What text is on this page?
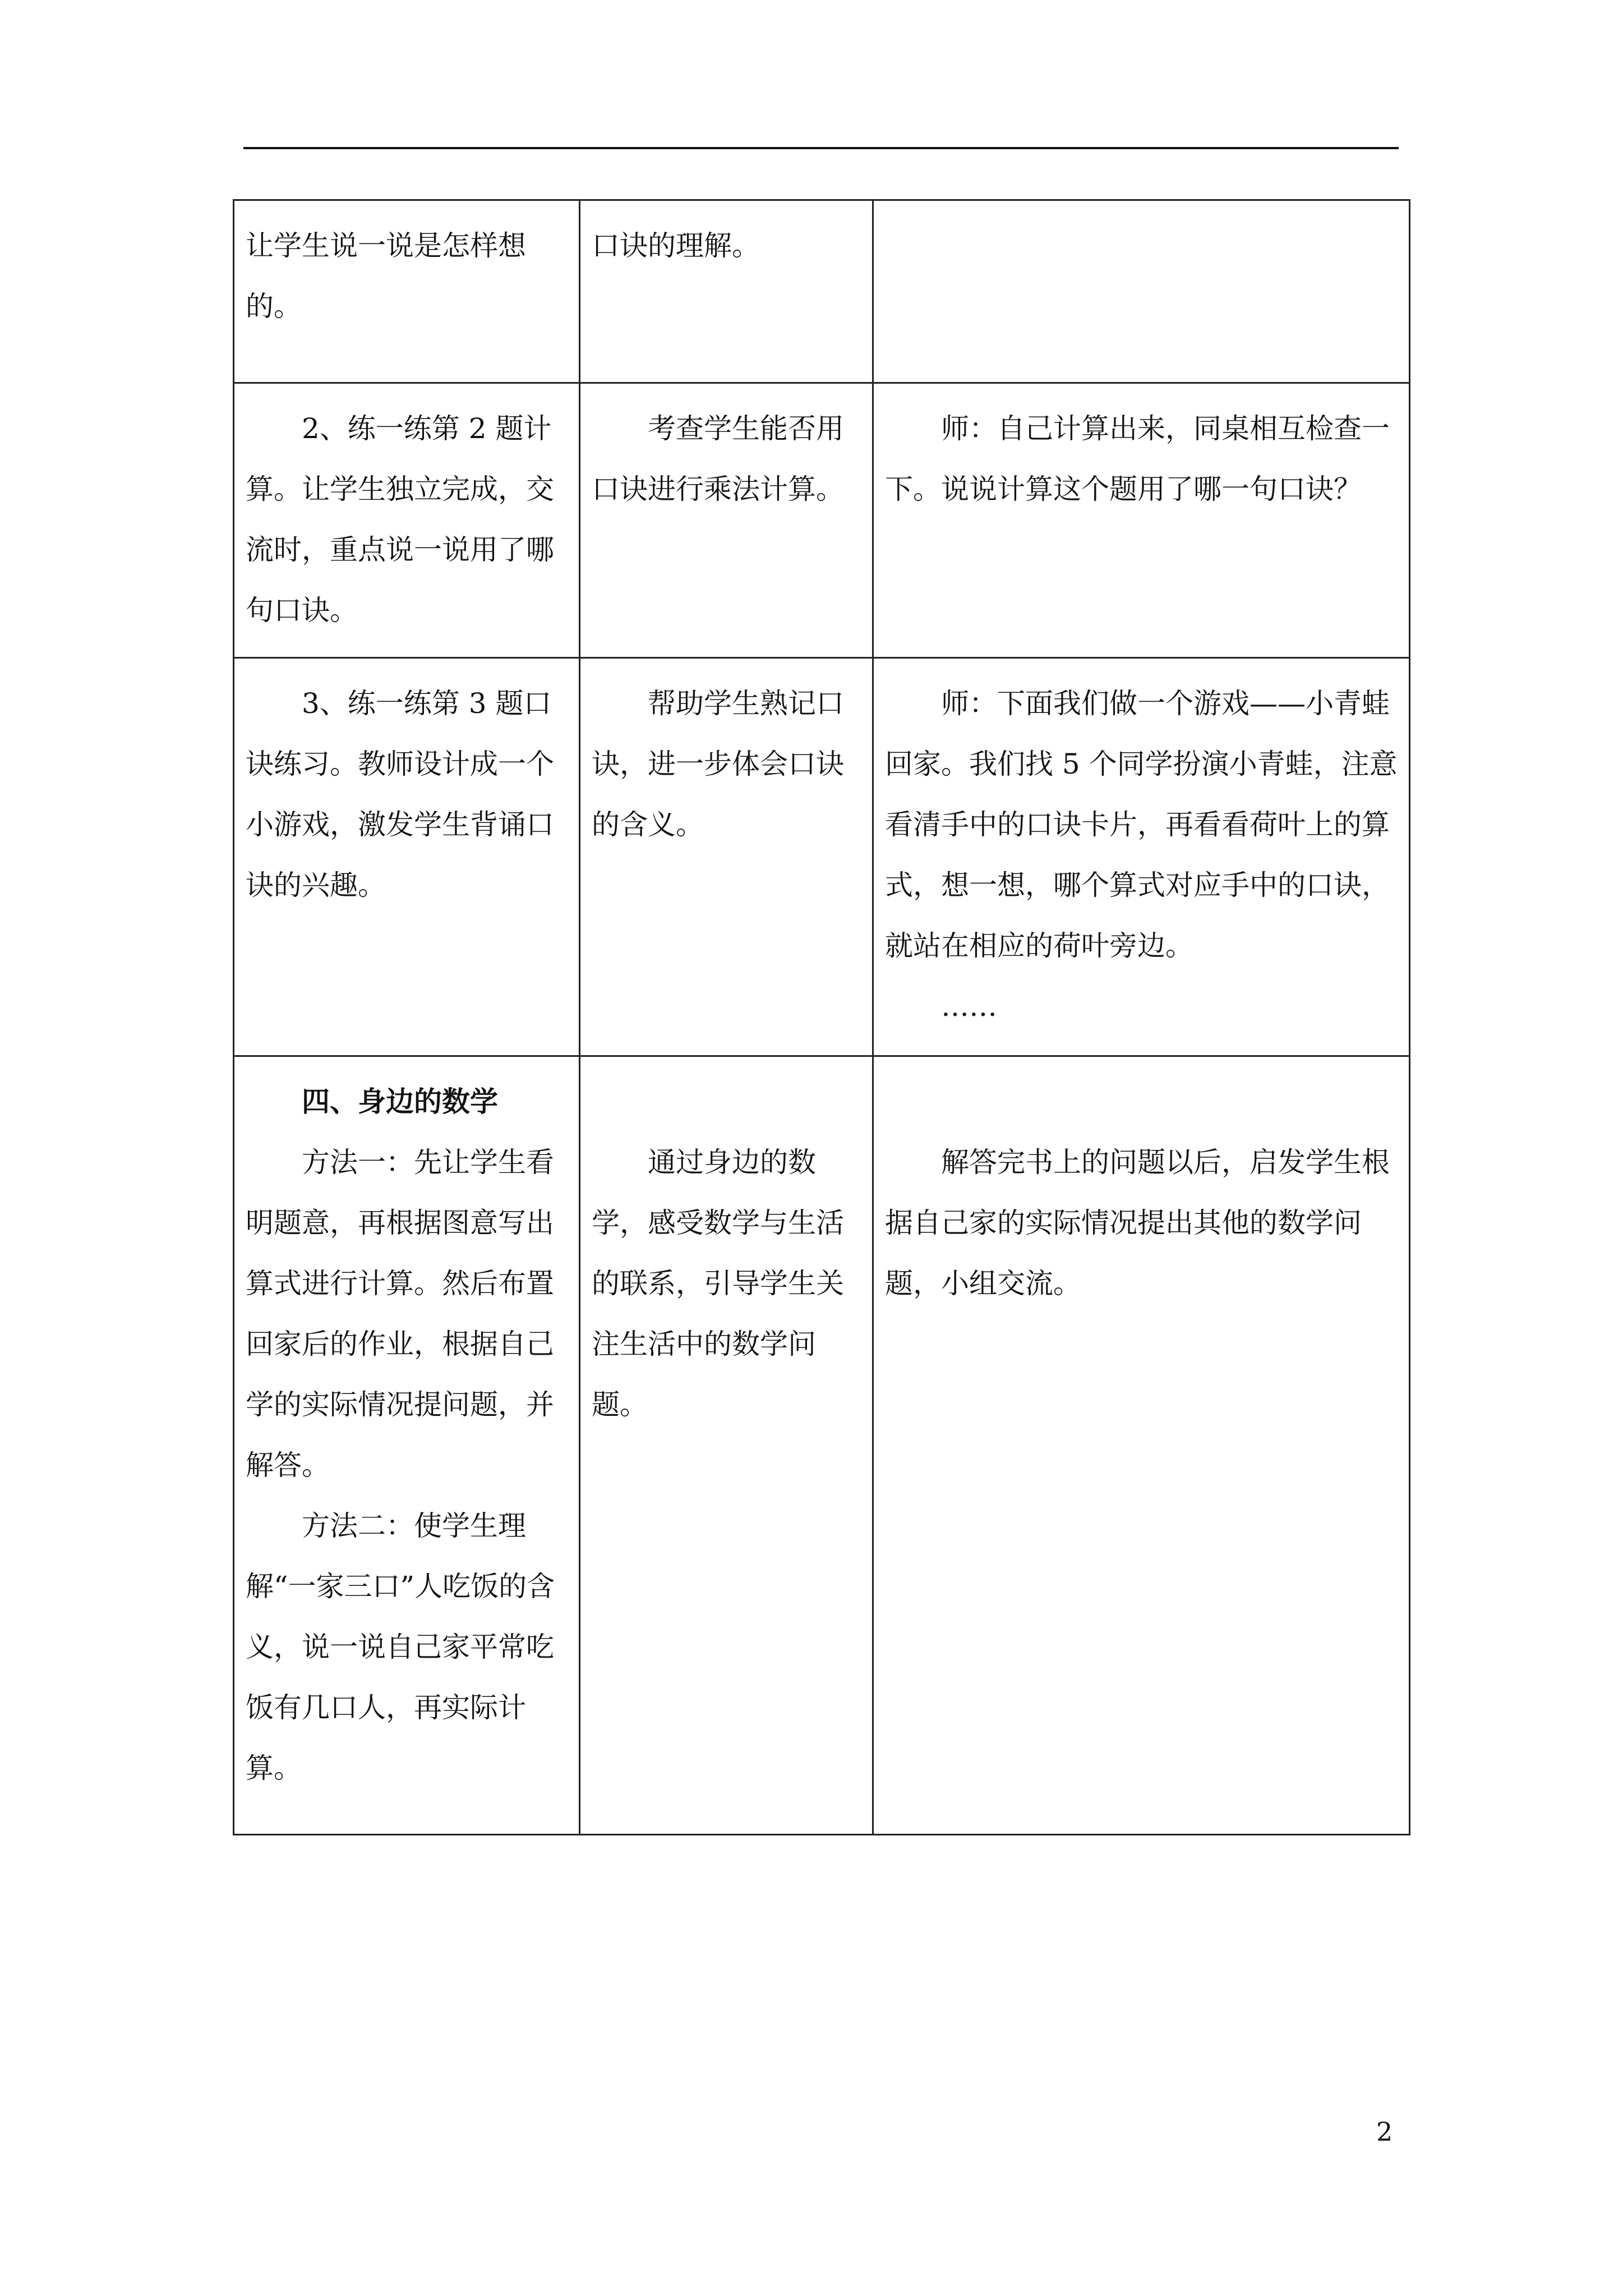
让学生说一说是怎样想的。	口诀的理解。	

2、练一练第 2 题计算。让学生独立完成，交流时，重点说一说用了哪句口诀。	考查学生能否用口诀进行乘法计算。	师：自己计算出来，同桌相互检查一下。说说计算这个题用了哪一句口诀？

3、练一练第 3 题口诀练习。教师设计成一个小游戏，激发学生背诵口诀的兴趣。	帮助学生熟记口诀，进一步体会口诀的含义。	师：下面我们做一个游戏——小青蛙回家。我们找 5 个同学扮演小青蛙，注意看清手中的口诀卡片，再看看荷叶上的算式，想一想，哪个算式对应手中的口诀，就站在相应的荷叶旁边。

……

四、身边的数学

方法一：先让学生看明题意，再根据图意写出算式进行计算。然后布置回家后的作业，根据自己学的实际情况提问题，并解答。

方法二：使学生理解“一家三口”人吃饭的含义，说一说自己家平常吃饭有几口人，再实际计算。	通过身边的数学，感受数学与生活的联系，引导学生关注生活中的数学问题。	解答完书上的问题以后，启发学生根据自己家的实际情况提出其他的数学问题，小组交流。

2
